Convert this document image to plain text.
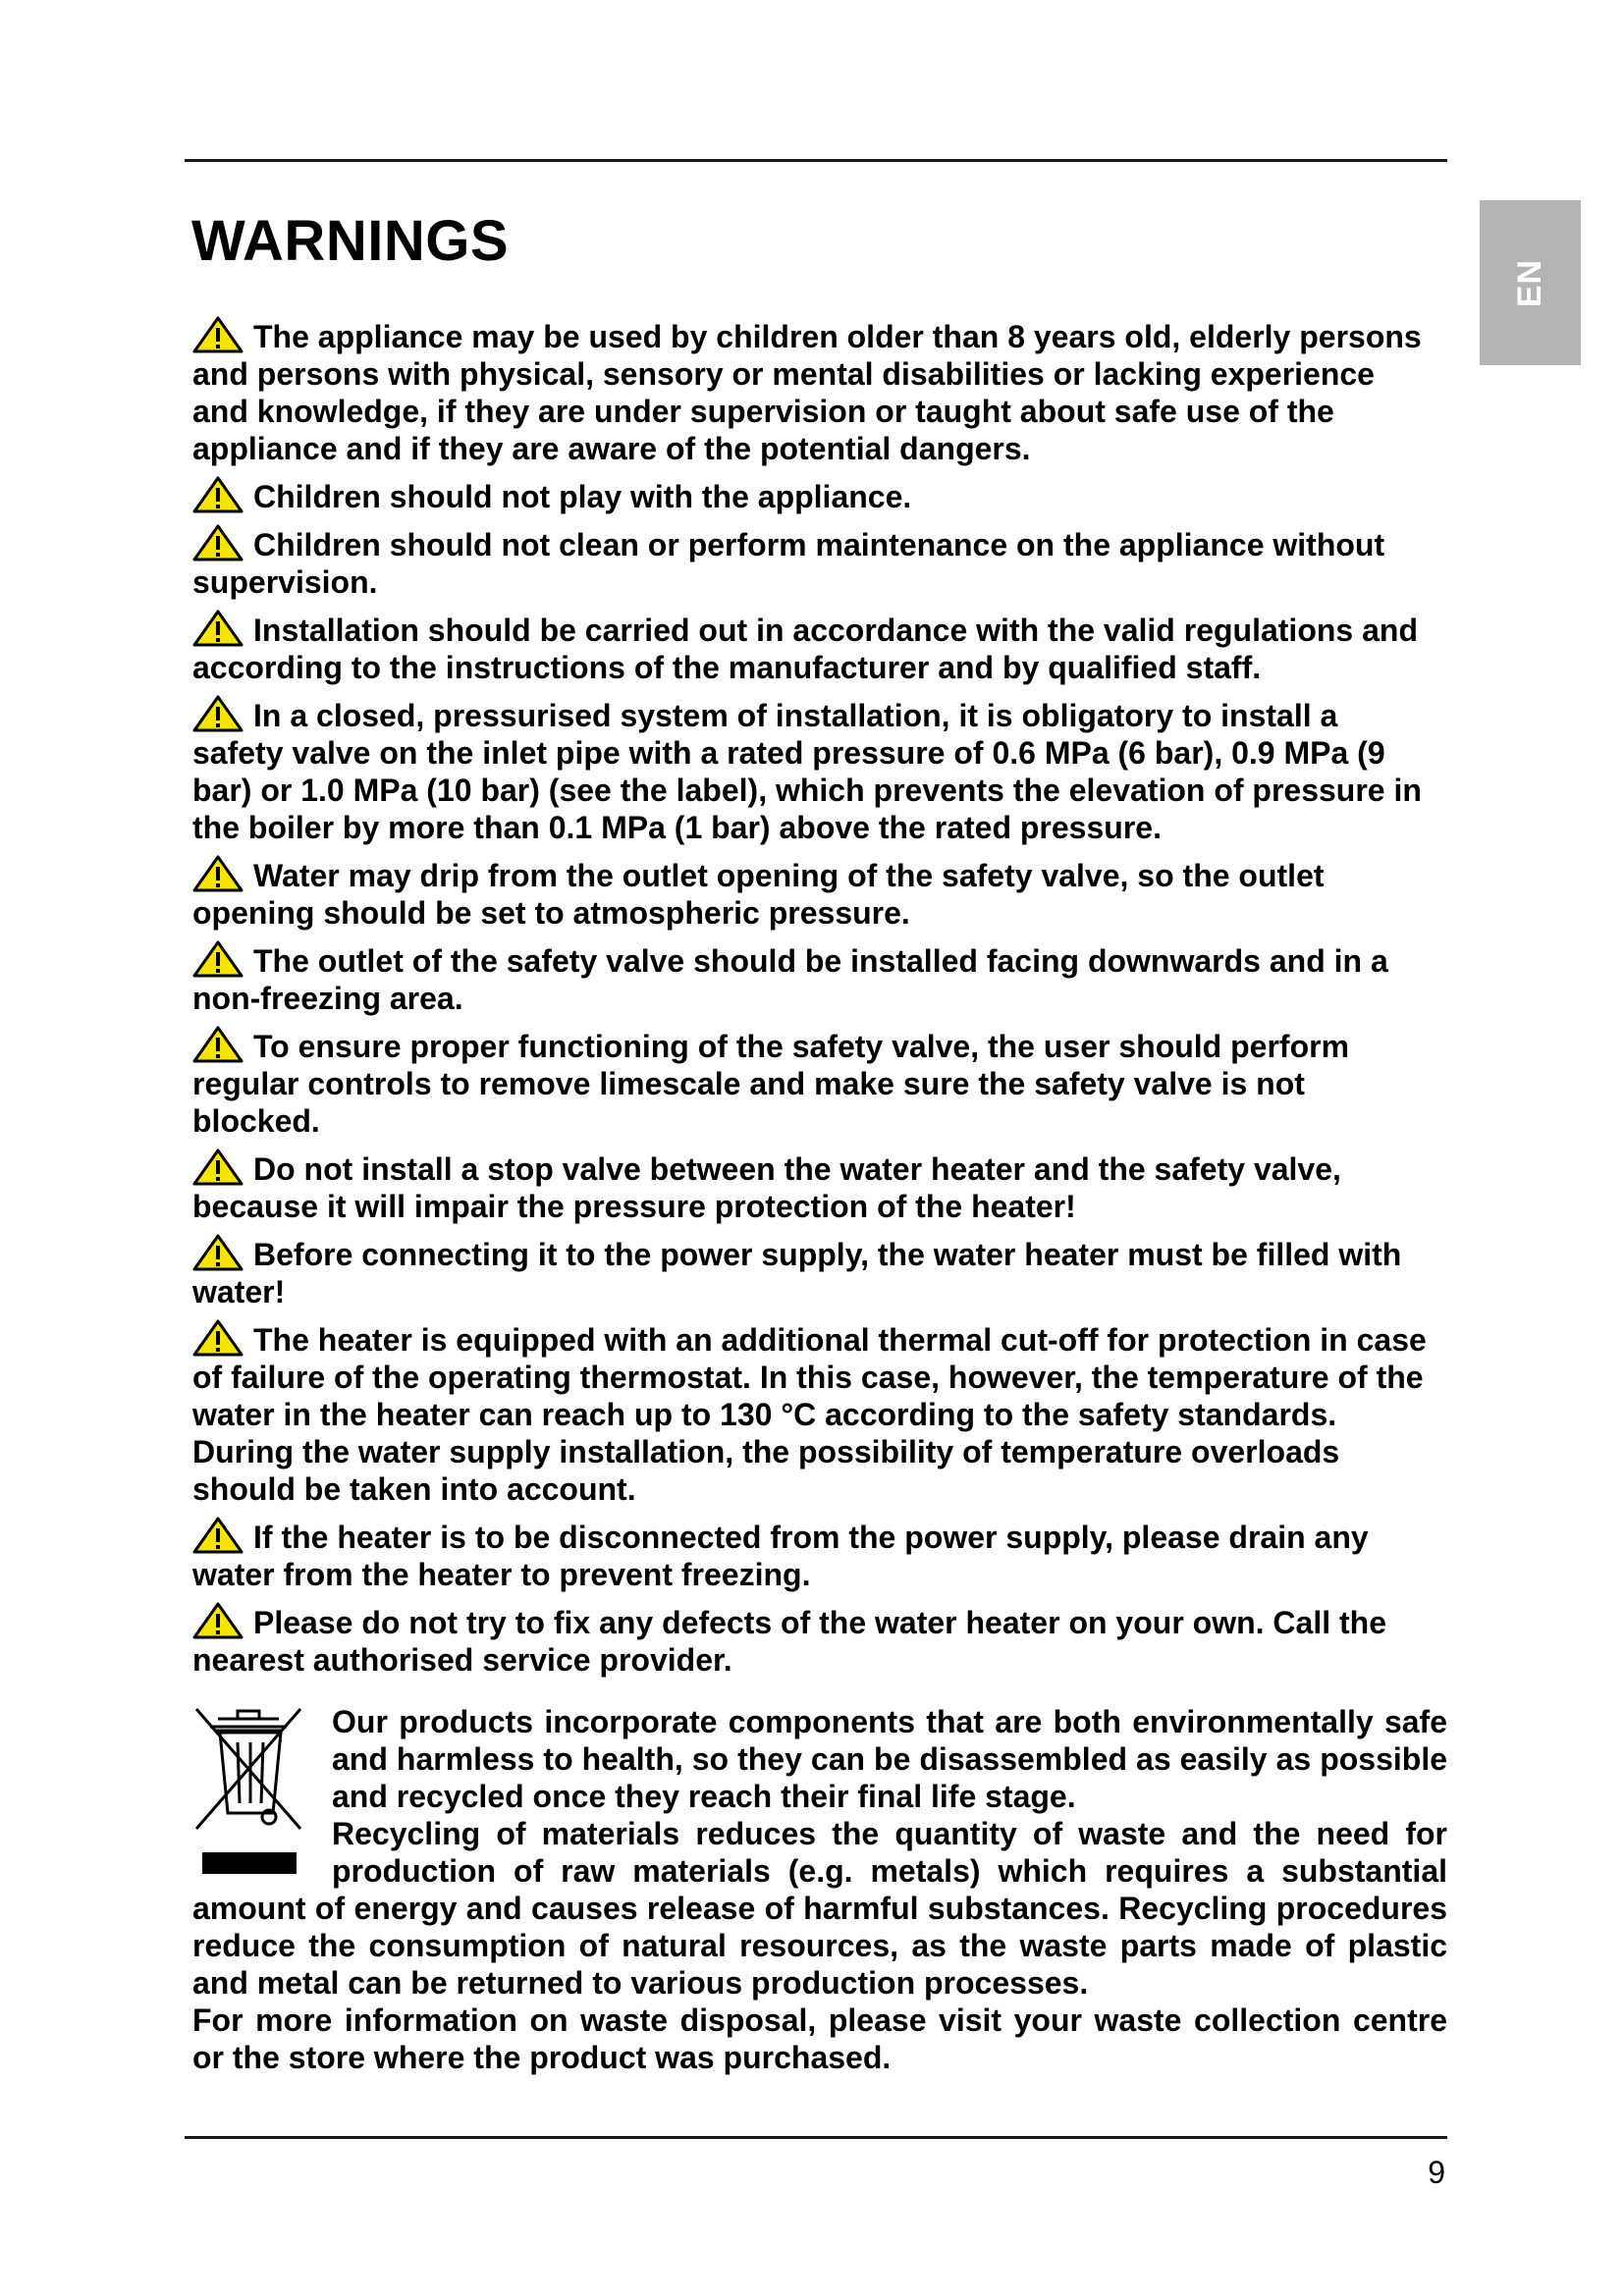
EN
WARNINGS

The appliance may be used by children older than 8 years old, elderly persons and persons with physical, sensory or mental disabilities or lacking experience and knowledge, if they are under supervision or taught about safe use of the appliance and if they are aware of the potential dangers.

Children should not play with the appliance.

Children should not clean or perform maintenance on the appliance without supervision.

Installation should be carried out in accordance with the valid regulations and according to the instructions of the manufacturer and by qualified staff.

In a closed, pressurised system of installation, it is obligatory to install a safety valve on the inlet pipe with a rated pressure of 0.6 MPa (6 bar), 0.9 MPa (9 bar) or 1.0 MPa (10 bar) (see the label), which prevents the elevation of pressure in the boiler by more than 0.1 MPa (1 bar) above the rated pressure.

Water may drip from the outlet opening of the safety valve, so the outlet opening should be set to atmospheric pressure.

The outlet of the safety valve should be installed facing downwards and in a non-freezing area.

To ensure proper functioning of the safety valve, the user should perform regular controls to remove limescale and make sure the safety valve is not blocked.

Do not install a stop valve between the water heater and the safety valve, because it will impair the pressure protection of the heater!

Before connecting it to the power supply, the water heater must be filled with water!

The heater is equipped with an additional thermal cut-off for protection in case of failure of the operating thermostat. In this case, however, the temperature of the water in the heater can reach up to 130 °C according to the safety standards. During the water supply installation, the possibility of temperature overloads should be taken into account.

If the heater is to be disconnected from the power supply, please drain any water from the heater to prevent freezing.

Please do not try to fix any defects of the water heater on your own. Call the nearest authorised service provider.

Our products incorporate components that are both environmentally safe and harmless to health, so they can be disassembled as easily as possible and recycled once they reach their final life stage.

Recycling of materials reduces the quantity of waste and the need for production of raw materials (e.g. metals) which requires a substantial amount of energy and causes release of harmful substances. Recycling procedures reduce the consumption of natural resources, as the waste parts made of plastic and metal can be returned to various production processes.

For more information on waste disposal, please visit your waste collection centre or the store where the product was purchased.

9
